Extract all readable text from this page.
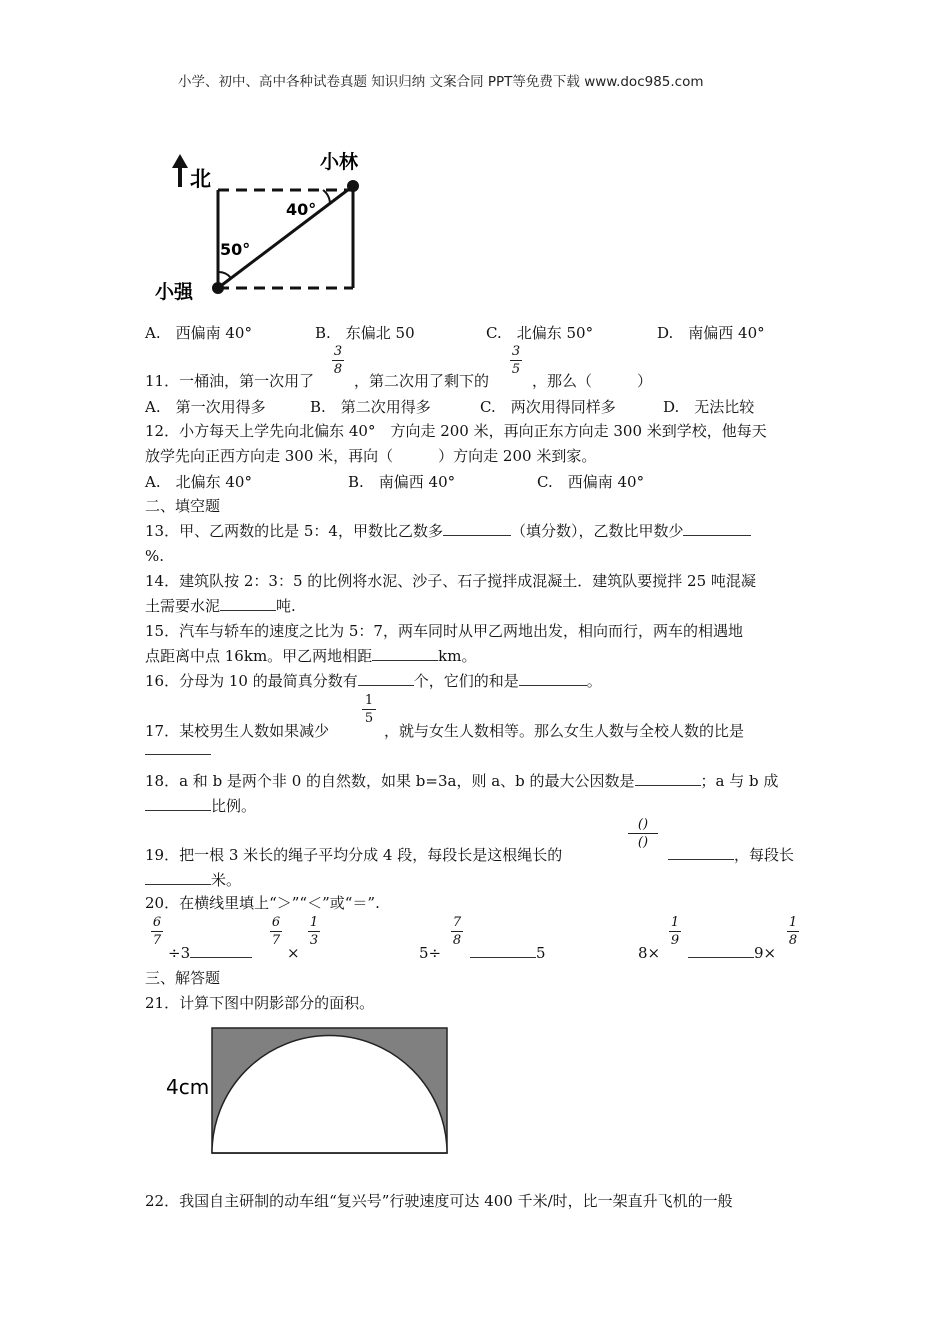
小学、初中、高中各种试卷真题 知识归纳 文案合同 PPT等免费下载 www.doc985.com
北
小林
小强
40°
50°
A.　西偏南 40°	B.　东偏北 50	C.　北偏东 50°	D.　南偏西 40°
11．一桶油，第一次用了
3
8
，第二次用了剩下的
3
5
，那么（　　　）
A.　第一次用得多	B.　第二次用得多	C.　两次用得同样多	D.　无法比较
12．小方每天上学先向北偏东 40°　方向走 200 米，再向正东方向走 300 米到学校，他每天
放学先向正西方向走 300 米，再向（　　　）方向走 200 米到家。
A.　北偏东 40°	B.　南偏西 40°	C.　西偏南 40°
二、填空题
13．甲、乙两数的比是 5：4，甲数比乙数多	（填分数），乙数比甲数少
%.
14．建筑队按 2：3：5 的比例将水泥、沙子、石子搅拌成混凝土．建筑队要搅拌 25 吨混凝
土需要水泥	吨.
15．汽车与轿车的速度之比为 5：7，两车同时从甲乙两地出发，相向而行，两车的相遇地
点距离中点 16km。甲乙两地相距	km。
16．分母为 10 的最简真分数有	个，它们的和是	。
17．某校男生人数如果减少
1
5
，就与女生人数相等。那么女生人数与全校人数的比是
18．a 和 b 是两个非 0 的自然数，如果 b=3a，则 a、b 的最大公因数是	；a 与 b 成
比例。
19．把一根 3 米长的绳子平均分成 4 段，每段长是这根绳长的
()
()
，每段长
米。
20．在横线里填上“＞”“＜”或“＝”.
6
7
÷3
6
7
×
1
3
5÷
7
8
5	8×
1
9
9×
1
8
三、解答题
21．计算下图中阴影部分的面积。
4cm
22．我国自主研制的动车组“复兴号”行驶速度可达 400 千米/时，比一架直升飞机的一般
